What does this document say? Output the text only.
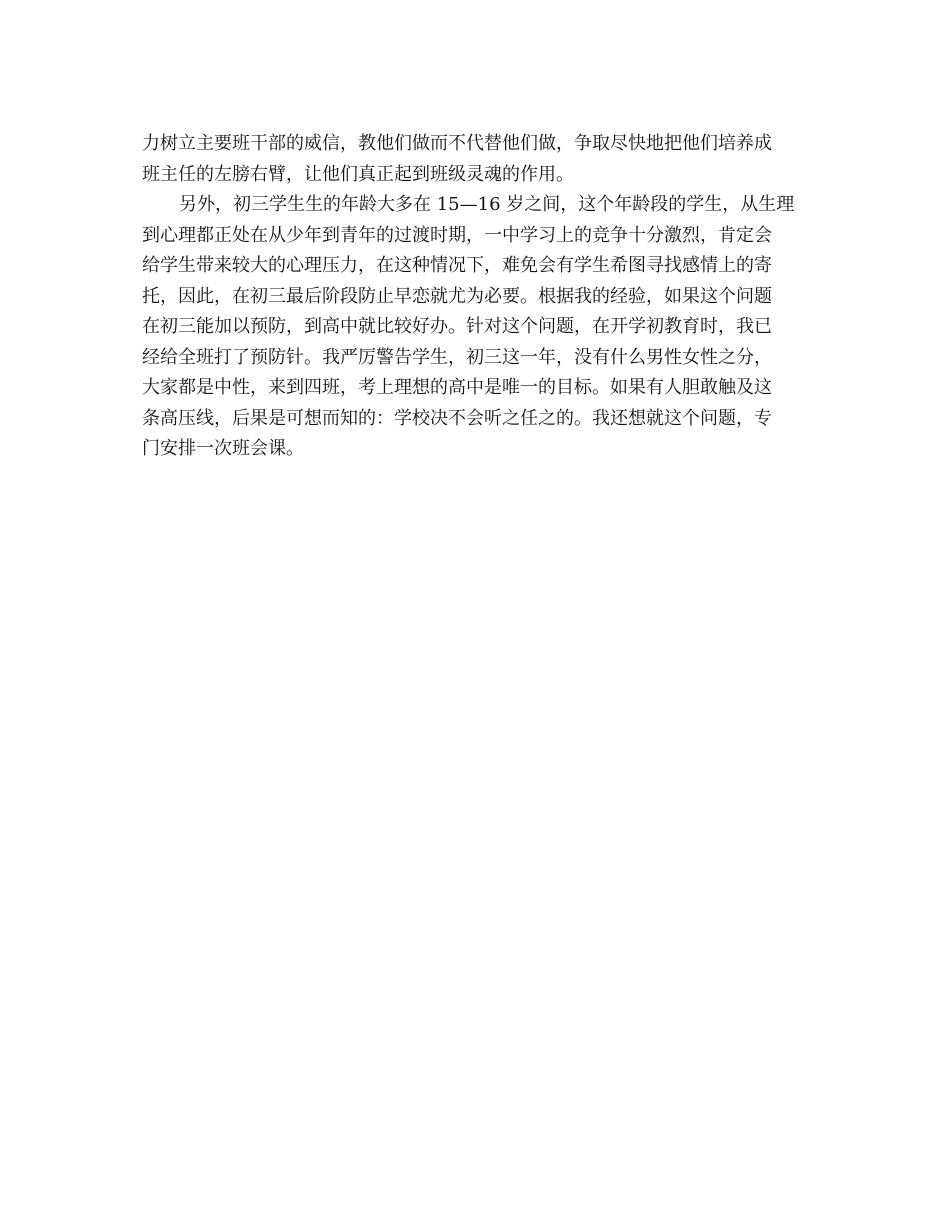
力树立主要班干部的威信，教他们做而不代替他们做，争取尽快地把他们培养成
班主任的左膀右臂，让他们真正起到班级灵魂的作用。
另外，初三学生生的年龄大多在 15—16 岁之间，这个年龄段的学生，从生理
到心理都正处在从少年到青年的过渡时期，一中学习上的竞争十分激烈，肯定会
给学生带来较大的心理压力，在这种情况下，难免会有学生希图寻找感情上的寄
托，因此，在初三最后阶段防止早恋就尤为必要。根据我的经验，如果这个问题
在初三能加以预防，到高中就比较好办。针对这个问题，在开学初教育时，我已
经给全班打了预防针。我严厉警告学生，初三这一年，没有什么男性女性之分，
大家都是中性，来到四班，考上理想的高中是唯一的目标。如果有人胆敢触及这
条高压线，后果是可想而知的：学校决不会听之任之的。我还想就这个问题，专
门安排一次班会课。
